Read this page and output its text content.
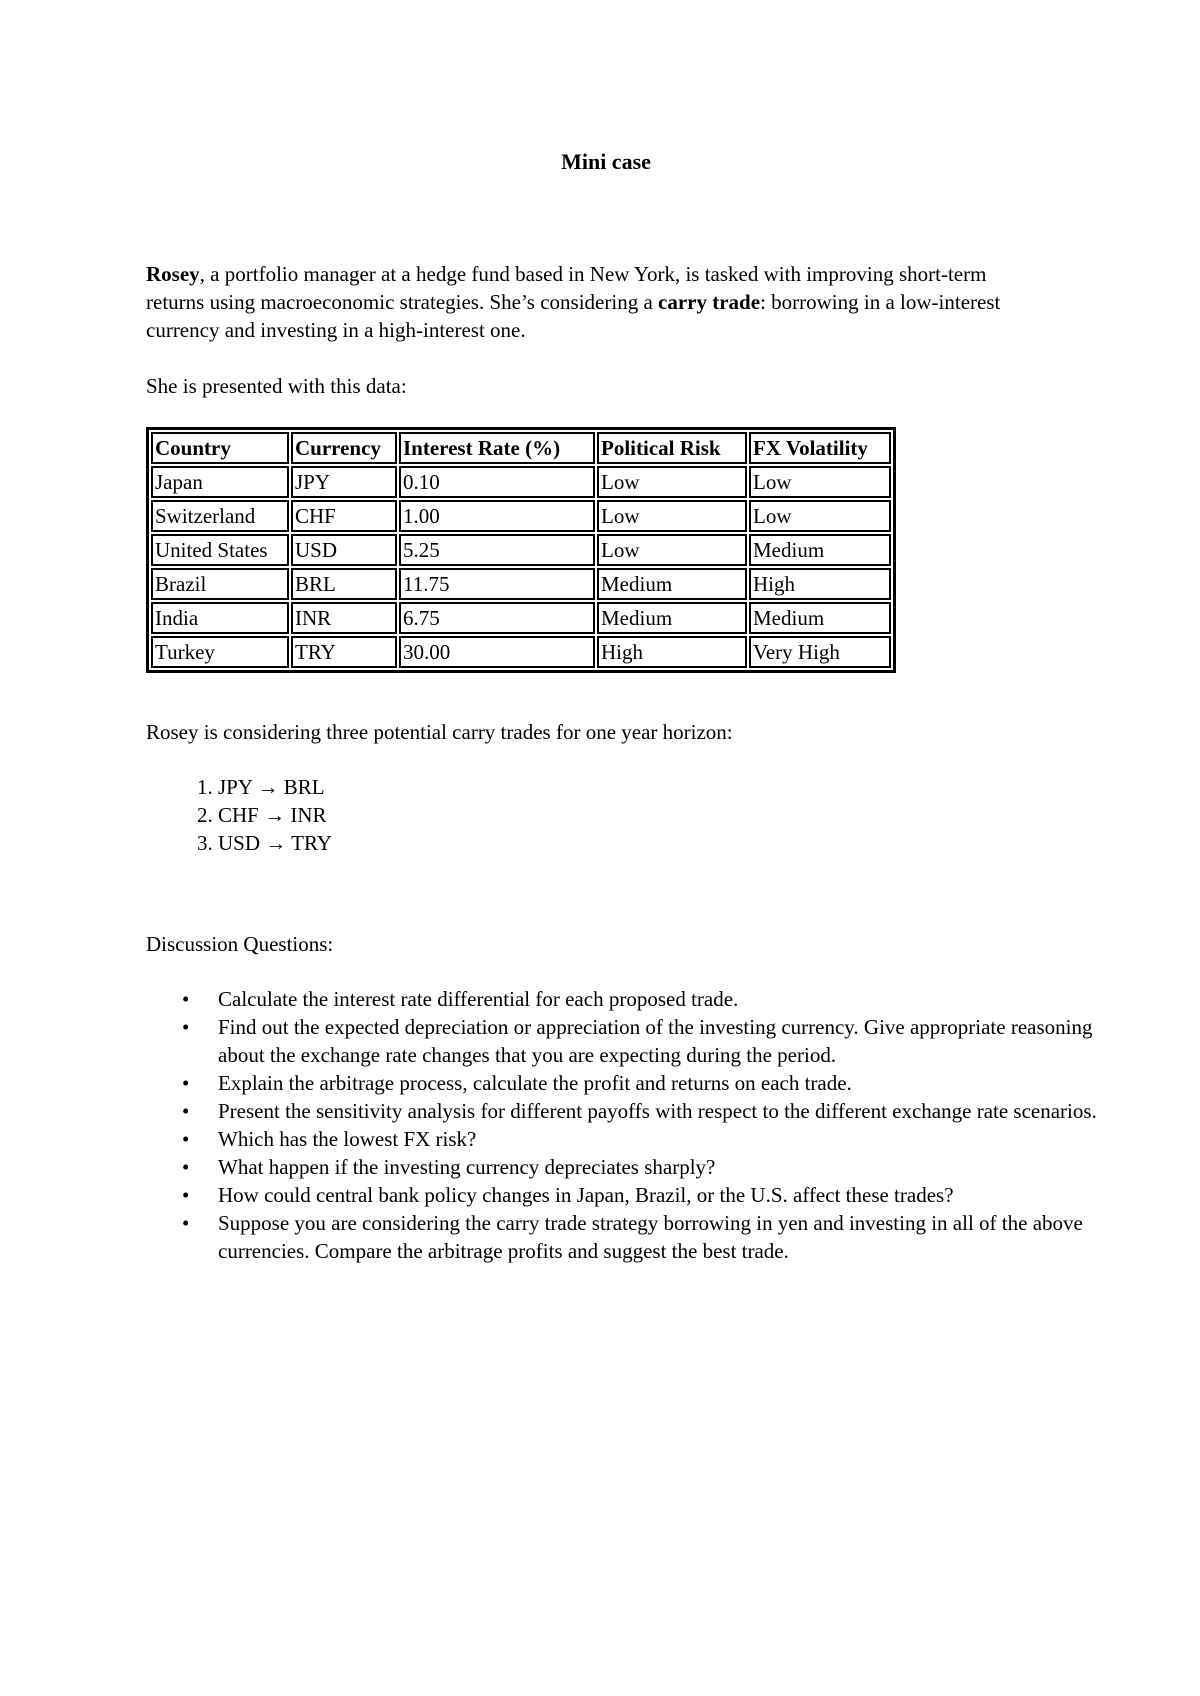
Mini case

Rosey, a portfolio manager at a hedge fund based in New York, is tasked with improving short-term returns using macroeconomic strategies. She’s considering a carry trade: borrowing in a low-interest currency and investing in a high-interest one.

She is presented with this data:

Country	Currency	Interest Rate (%)	Political Risk	FX Volatility
Japan	JPY	0.10	Low	Low
Switzerland	CHF	1.00	Low	Low
United States	USD	5.25	Low	Medium
Brazil	BRL	11.75	Medium	High
India	INR	6.75	Medium	Medium
Turkey	TRY	30.00	High	Very High

Rosey is considering three potential carry trades for one year horizon:

1. JPY → BRL
2. CHF → INR
3. USD → TRY

Discussion Questions:

• Calculate the interest rate differential for each proposed trade.
• Find out the expected depreciation or appreciation of the investing currency. Give appropriate reasoning about the exchange rate changes that you are expecting during the period.
• Explain the arbitrage process, calculate the profit and returns on each trade.
• Present the sensitivity analysis for different payoffs with respect to the different exchange rate scenarios.
• Which has the lowest FX risk?
• What happen if the investing currency depreciates sharply?
• How could central bank policy changes in Japan, Brazil, or the U.S. affect these trades?
• Suppose you are considering the carry trade strategy borrowing in yen and investing in all of the above currencies. Compare the arbitrage profits and suggest the best trade.
